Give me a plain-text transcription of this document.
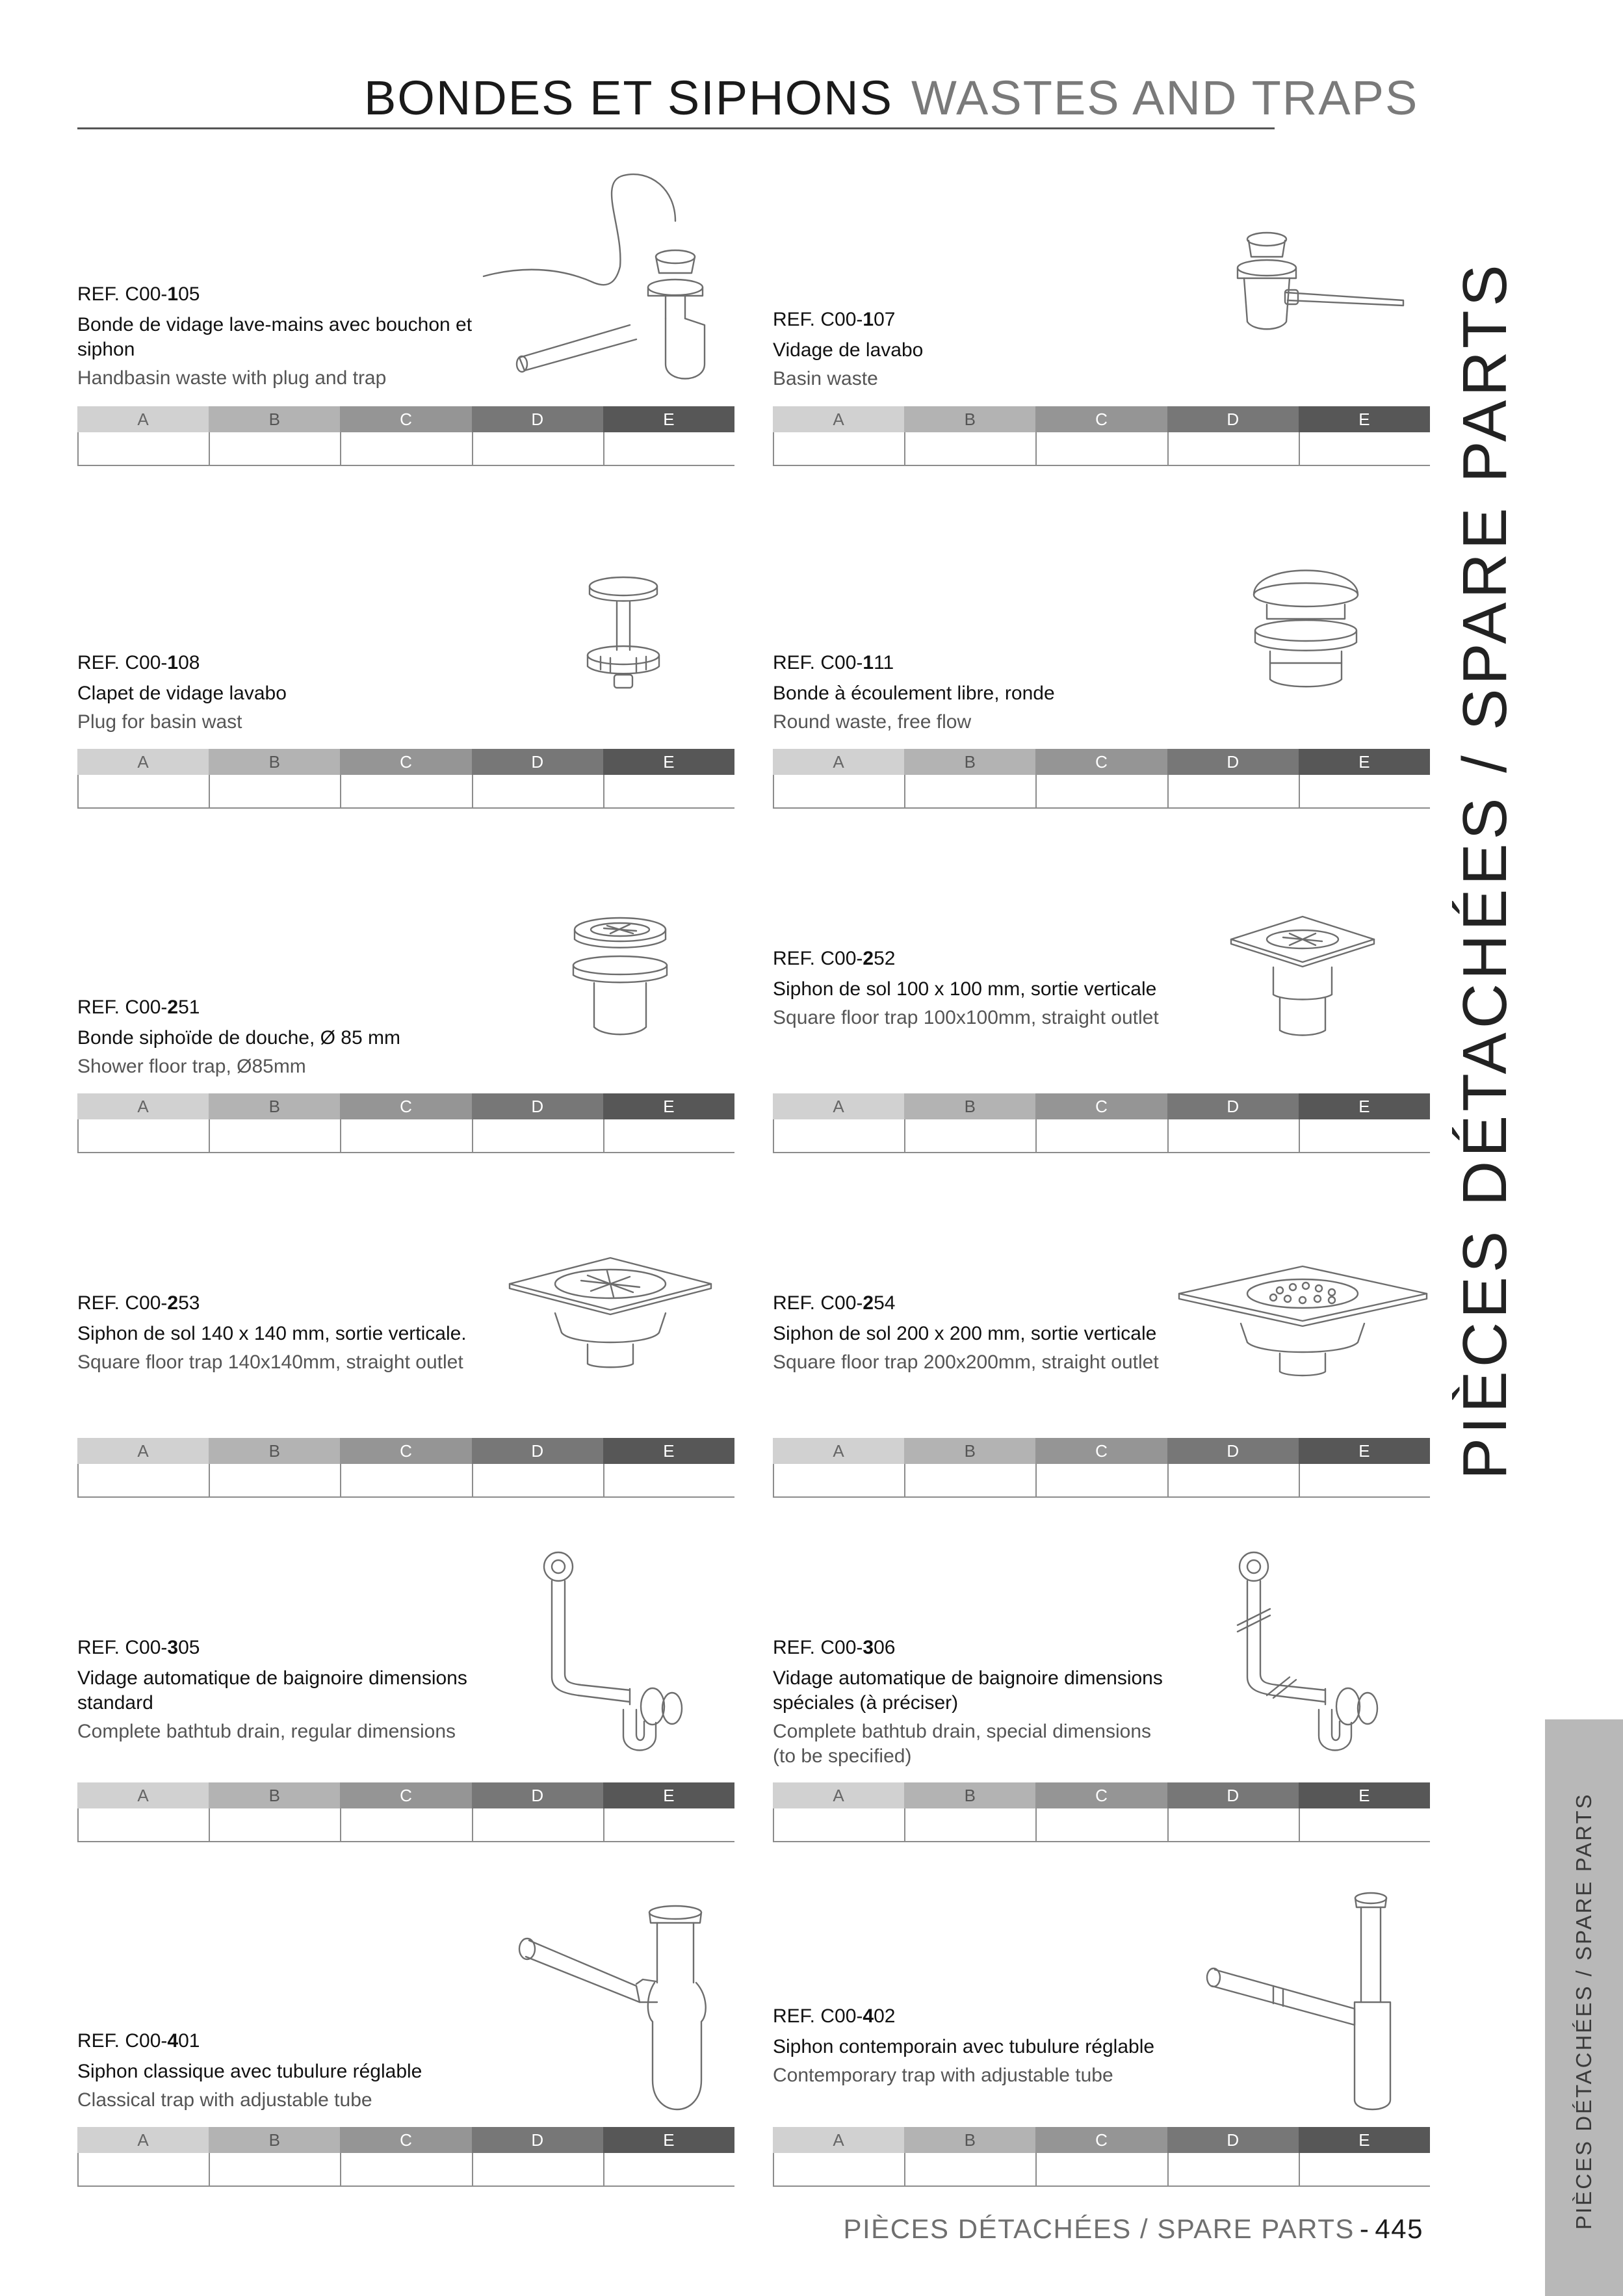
BONDES ET SIPHONS WASTES AND TRAPS
PIÈCES DÉTACHÉES / SPARE PARTS
PIÈCES DÉTACHÉES / SPARE PARTS
PIÈCES DÉTACHÉES / SPARE PARTS - 445
REF. C00-105
Bonde de vidage lave-mains avec bouchon et siphon
Handbasin waste with plug and trap
A	B	C	D	E
REF. C00-107
Vidage de lavabo
Basin waste
A	B	C	D	E
REF. C00-108
Clapet de vidage lavabo
Plug for basin wast
A	B	C	D	E
REF. C00-111
Bonde à écoulement libre, ronde
Round waste, free flow
A	B	C	D	E
REF. C00-251
Bonde siphoïde de douche, Ø 85 mm
Shower floor trap, Ø85mm
A	B	C	D	E
REF. C00-252
Siphon de sol 100 x 100 mm, sortie verticale
Square floor trap 100x100mm, straight outlet
A	B	C	D	E
REF. C00-253
Siphon de sol 140 x 140 mm, sortie verticale.
Square floor trap 140x140mm, straight outlet
A	B	C	D	E
REF. C00-254
Siphon de sol 200 x 200 mm, sortie verticale
Square floor trap 200x200mm, straight outlet
A	B	C	D	E
REF. C00-305
Vidage automatique de baignoire dimensions standard
Complete bathtub drain, regular dimensions
A	B	C	D	E
REF. C00-306
Vidage automatique de baignoire dimensions spéciales (à préciser)
Complete bathtub drain, special dimensions (to be specified)
A	B	C	D	E
REF. C00-401
Siphon classique avec tubulure réglable
Classical trap with adjustable tube
A	B	C	D	E
REF. C00-402
Siphon contemporain avec tubulure réglable
Contemporary trap with adjustable tube
A	B	C	D	E
